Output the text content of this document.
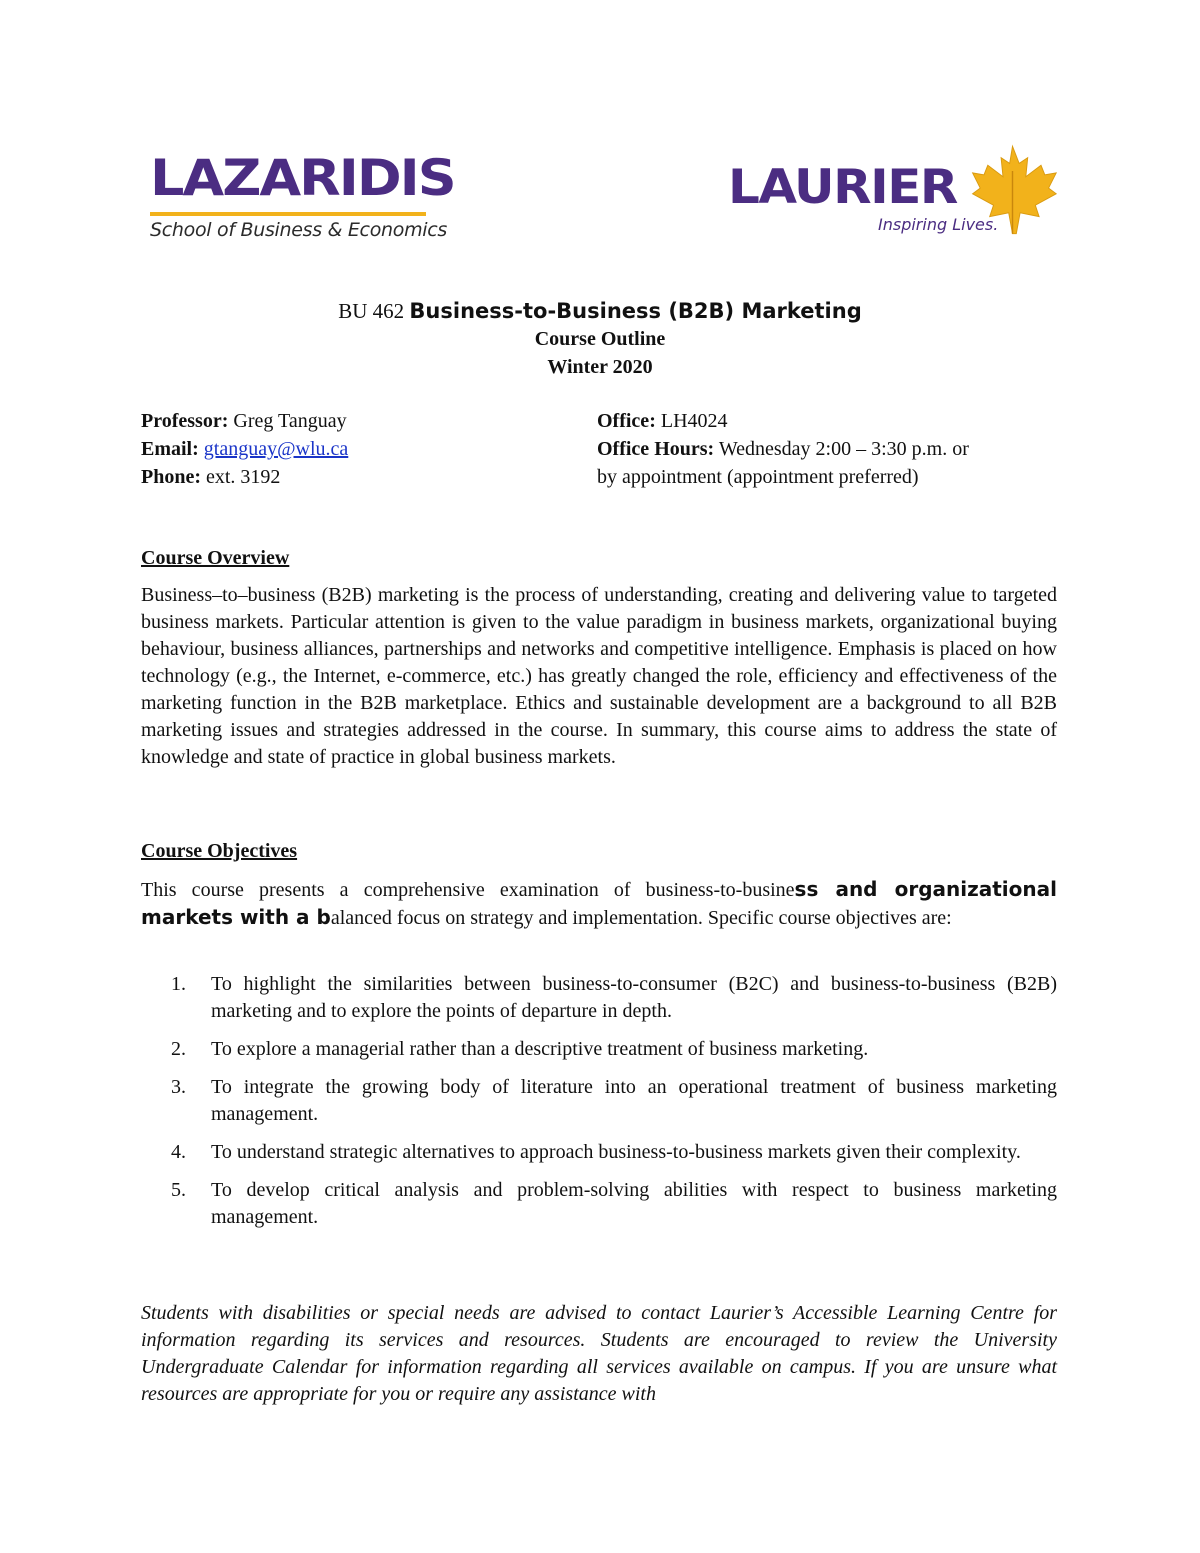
LAZARIDIS
School of Business & Economics
LAURIER
Inspiring Lives.
BU 462 Business-to-Business (B2B) Marketing
Course Outline
Winter 2020
Professor: Greg Tanguay
Email: gtanguay@wlu.ca
Phone: ext. 3192
Office: LH4024
Office Hours: Wednesday 2:00 – 3:30 p.m. or
by appointment (appointment preferred)
Course Overview
Business–to–business (B2B) marketing is the process of understanding, creating and delivering value to targeted business markets. Particular attention is given to the value paradigm in business markets, organizational buying behaviour, business alliances, partnerships and networks and competitive intelligence. Emphasis is placed on how technology (e.g., the Internet, e-commerce, etc.) has greatly changed the role, efficiency and effectiveness of the marketing function in the B2B marketplace. Ethics and sustainable development are a background to all B2B marketing issues and strategies addressed in the course. In summary, this course aims to address the state of knowledge and state of practice in global business markets.
Course Objectives
This course presents a comprehensive examination of business-to-business and organizational markets with a balanced focus on strategy and implementation. Specific course objectives are:
1. To highlight the similarities between business-to-consumer (B2C) and business-to-business (B2B) marketing and to explore the points of departure in depth.
2. To explore a managerial rather than a descriptive treatment of business marketing.
3. To integrate the growing body of literature into an operational treatment of business marketing management.
4. To understand strategic alternatives to approach business-to-business markets given their complexity.
5. To develop critical analysis and problem-solving abilities with respect to business marketing management.
Students with disabilities or special needs are advised to contact Laurier’s Accessible Learning Centre for information regarding its services and resources. Students are encouraged to review the University Undergraduate Calendar for information regarding all services available on campus. If you are unsure what resources are appropriate for you or require any assistance with
